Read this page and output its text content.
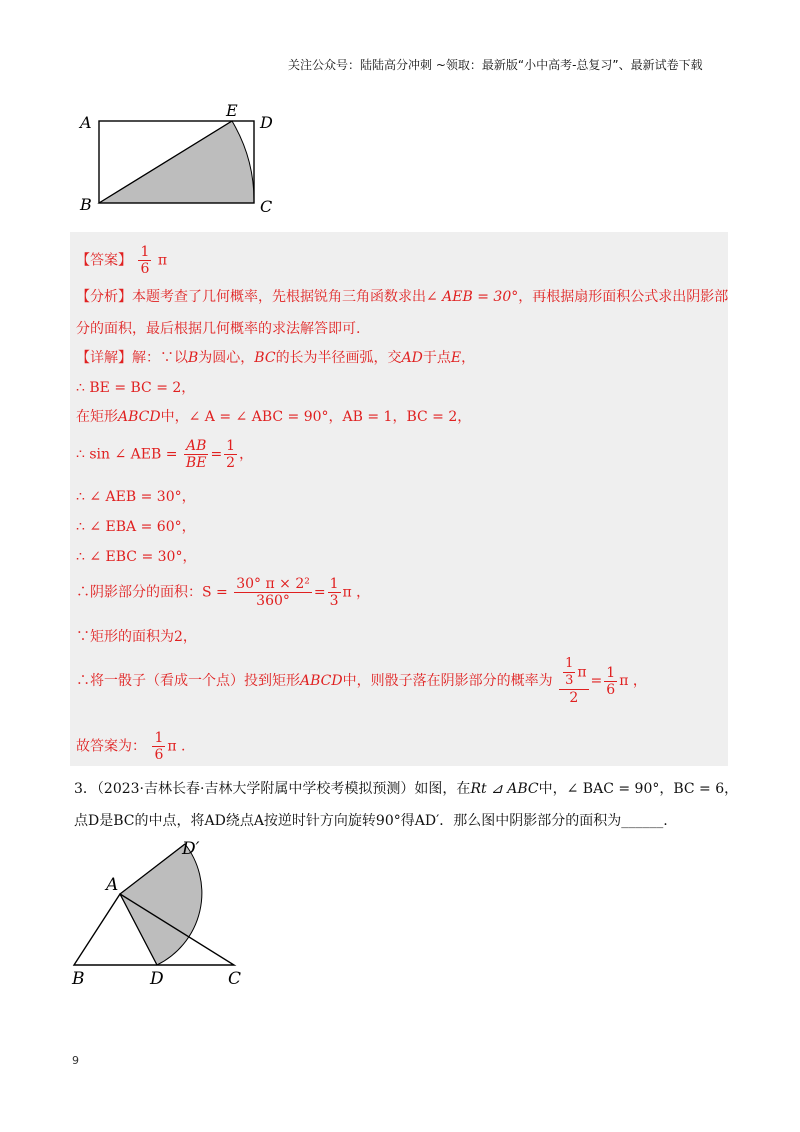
关注公众号：陆陆高分冲刺 ~领取：最新版“小中高考-总复习”、最新试卷下载
A
E
D
B	C
【答案】 $\frac{1}{6}$ π
【分析】本题考查了几何概率，先根据锐角三角函数求出∠ AEB = 30°，再根据扇形面积公式求出阴影部
分的面积，最后根据几何概率的求法解答即可.
【详解】解：∵以B为圆心，BC的长为半径画弧，交AD于点E，
∴ BE = BC = 2，
在矩形ABCD中，∠ A = ∠ ABC = 90°，AB = 1，BC = 2，
∴ sin ∠ AEB = $\frac{AB}{BE} = \frac{1}{2}$ ，
∴ ∠ AEB = 30°，
∴ ∠ EBA = 60°，
∴ ∠ EBC = 30°，
∴阴影部分的面积：$S = \frac{\text{30° π × 2²}}{360^\circ} = \frac{1}{3}$ π ，
∵矩形的面积为2，
∴将一骰子（看成一个点）投到矩形ABCD中，则骰子落在阴影部分的概率为 $\frac{\frac{1}{3} \pi}{2} = \frac{1}{6}$ π ，
故答案为： $\frac{1}{6}$ π .
3．（2023·吉林长春·吉林大学附属中学校考模拟预测）如图，在Rt ⊿ ABC中，∠ BAC = 90°，BC = 6，
点D是BC的中点，将AD绕点A按逆时针方向旋转90°得AD′．那么图中阴影部分的面积为______.
D′
A
B	D	C
9
